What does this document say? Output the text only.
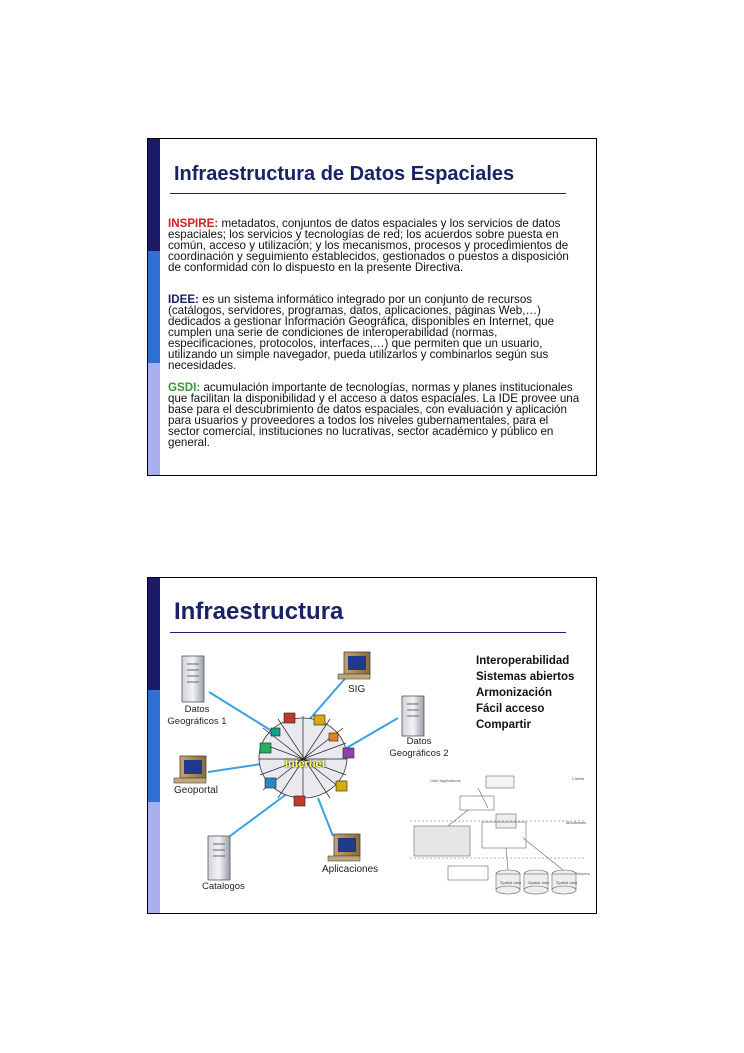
Infraestructura de Datos Espaciales
INSPIRE: metadatos, conjuntos de datos espaciales y los servicios de datos espaciales; los servicios y tecnologías de red; los acuerdos sobre puesta en común, acceso y utilización; y los mecanismos, procesos y procedimientos de coordinación y seguimiento establecidos, gestionados o puestos a disposición de conformidad con lo dispuesto en la presente Directiva.
IDEE: es un sistema informático integrado por un conjunto de recursos (catálogos, servidores, programas, datos, aplicaciones, páginas Web,…) dedicados a gestionar Información Geográfica, disponibles en Internet, que cumplen una serie de condiciones de interoperabilidad (normas, especificaciones, protocolos, interfaces,…) que permiten que un usuario, utilizando un simple navegador, pueda utilizarlos y combinarlos según sus necesidades.
GSDI: acumulación importante de tecnologías, normas y planes institucionales que facilitan la disponibilidad y el acceso a datos espaciales. La IDE provee una base para el descubrimiento de datos espaciales, con evaluación y aplicación para usuarios y proveedores a todos los niveles gubernamentales, para el sector comercial, instituciones no lucrativas, sector académico y público en general.
Infraestructura
Internet
Datos
Geográficos 1
SIG
Datos
Geográficos 2
Geoportal
Catalogos
Aplicaciones
Interoperabilidad
Sistemas abiertos
Armonización
Fácil acceso
Compartir
User applications	Clients
Middleware
Servers
Spatial data Spatial data Spatial data
